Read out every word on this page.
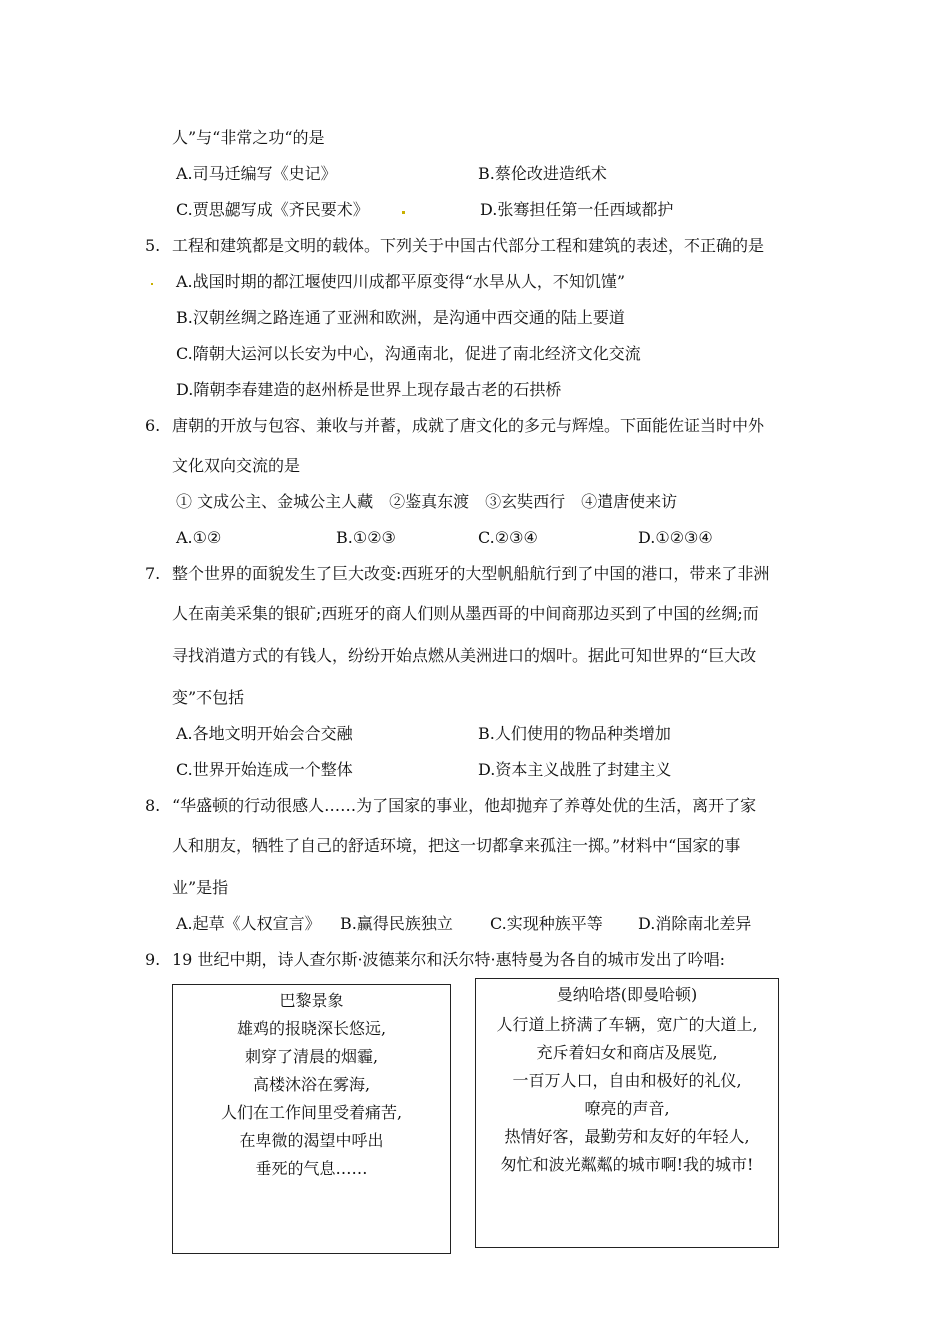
人”与“非常之功“的是
A.司马迁编写《史记》	B.蔡伦改进造纸术
C.贾思勰写成《齐民要术》	D.张骞担任第一任西域都护
5. 工程和建筑都是文明的载体。下列关于中国古代部分工程和建筑的表述，不正确的是
A.战国时期的都江堰使四川成都平原变得“水旱从人，不知饥馑”
B.汉朝丝绸之路连通了亚洲和欧洲，是沟通中西交通的陆上要道
C.隋朝大运河以长安为中心，沟通南北，促进了南北经济文化交流
D.隋朝李春建造的赵州桥是世界上现存最古老的石拱桥
6. 唐朝的开放与包容、兼收与并蓄，成就了唐文化的多元与辉煌。下面能佐证当时中外
文化双向交流的是
① 文成公主、金城公主人藏　②鉴真东渡　③玄奘西行　④遣唐使来访
A.①②	B.①②③	C.②③④	D.①②③④
7. 整个世界的面貌发生了巨大改变:西班牙的大型帆船航行到了中国的港口，带来了非洲
人在南美采集的银矿;西班牙的商人们则从墨西哥的中间商那边买到了中国的丝绸;而
寻找消遣方式的有钱人，纷纷开始点燃从美洲进口的烟叶。据此可知世界的“巨大改
变”不包括
A.各地文明开始会合交融	B.人们使用的物品种类增加
C.世界开始连成一个整体	D.资本主义战胜了封建主义
8. “华盛顿的行动很感人……为了国家的事业，他却抛弃了养尊处优的生活，离开了家
人和朋友，牺牲了自己的舒适环境，把这一切都拿来孤注一掷。”材料中“国家的事
业”是指
A.起草《人权宣言》 B.赢得民族独立 C.实现种族平等 D.消除南北差异
9. 19 世纪中期，诗人查尔斯·波德莱尔和沃尔特·惠特曼为各自的城市发出了吟唱:
巴黎景象
雄鸡的报晓深长悠远,
刺穿了清晨的烟霾,
高楼沐浴在雾海,
人们在工作间里受着痛苦,
在卑微的渴望中呼出
垂死的气息……
曼纳哈塔(即曼哈顿)
人行道上挤满了车辆，宽广的大道上,
充斥着妇女和商店及展览,
一百万人口，自由和极好的礼仪,
嘹亮的声音,
热情好客，最勤劳和友好的年轻人,
匆忙和波光粼粼的城市啊!我的城市!
